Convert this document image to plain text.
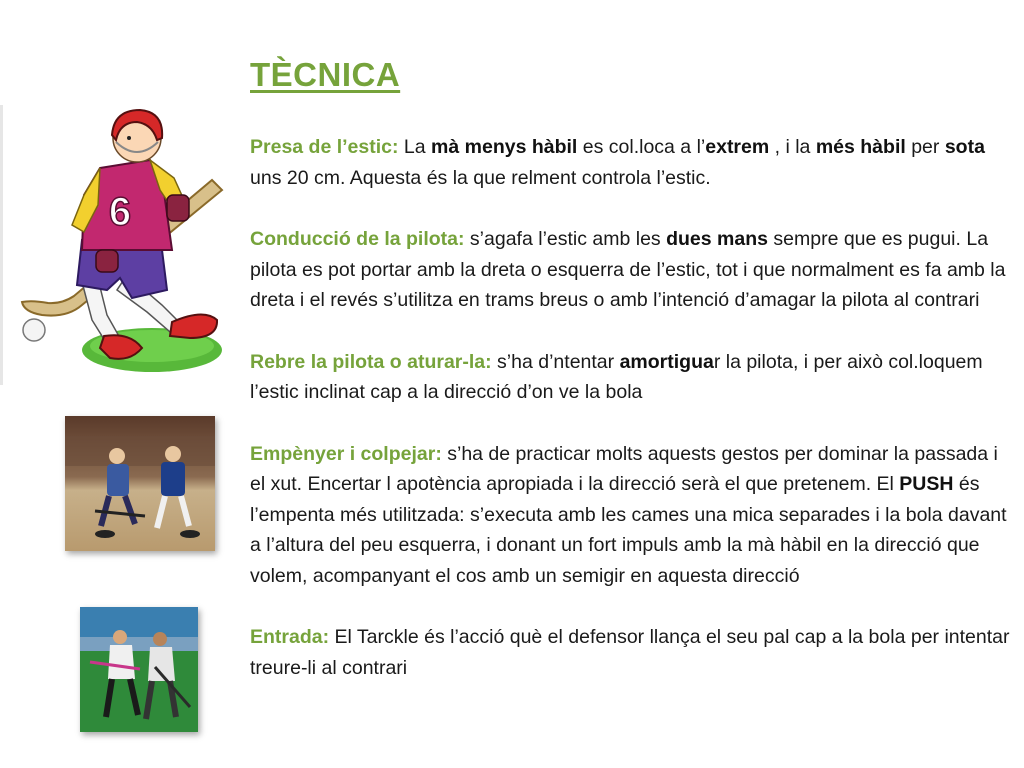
6
TÈCNICA

Presa de l’estic: La mà menys hàbil es col.loca a l’extrem , i la més hàbil per sota uns 20 cm. Aquesta és la que relment controla l’estic.

Conducció de la pilota: s’agafa l’estic amb les dues mans sempre que es pugui. La pilota es pot portar amb la dreta o esquerra de l’estic, tot i que normalment es fa amb la dreta i el revés s’utilitza en trams breus o amb l’intenció d’amagar la pilota al contrari

Rebre la pilota o aturar-la: s’ha d’ntentar amortiguar la pilota, i per això col.loquem l’estic inclinat cap a la direcció d’on ve la bola

Empènyer i colpejar: s’ha de practicar molts aquests gestos per dominar la passada i el xut. Encertar l apotència apropiada i la direcció serà el que pretenem. El PUSH és l’empenta més utilitzada: s’executa amb les cames una mica separades i la bola davant a l’altura del peu esquerra, i donant un fort impuls amb la mà hàbil en la direcció que volem, acompanyant el cos amb un semigir en aquesta direcció

Entrada: El Tarckle és l’acció què el defensor llança el seu pal cap a la bola per intentar treure-li al contrari
